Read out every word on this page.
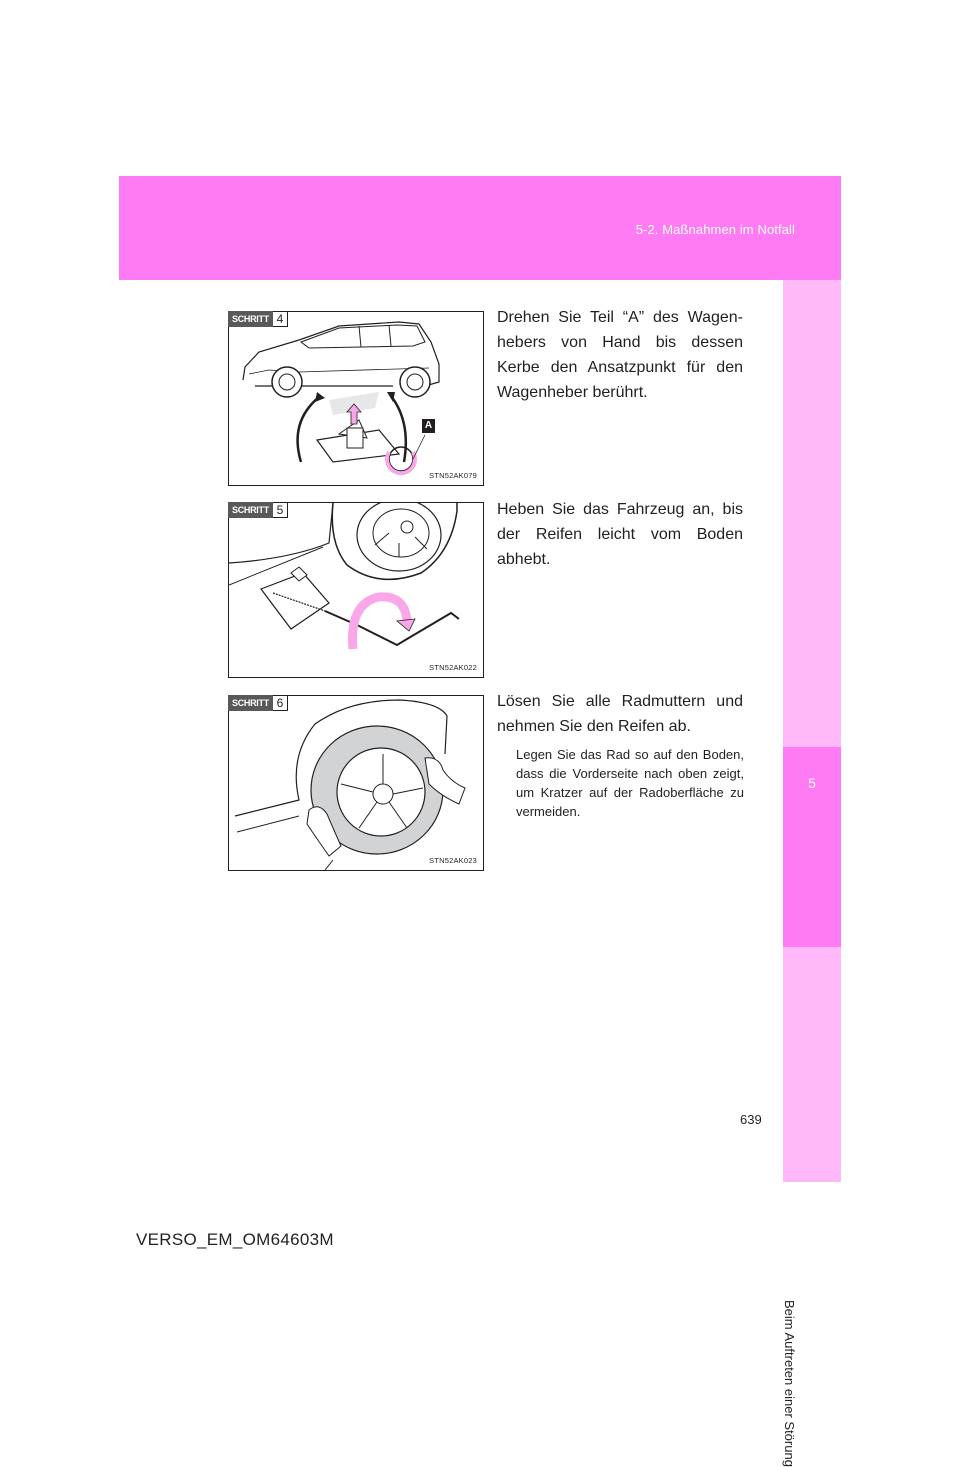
5-2. Maßnahmen im Notfall
5
Beim Auftreten einer Störung
A
SCHRITT 4
STN52AK079
Drehen Sie Teil “A” des Wagen-hebers von Hand bis dessen Kerbe den Ansatzpunkt für den Wagenheber berührt.
SCHRITT 5
STN52AK022
Heben Sie das Fahrzeug an, bis der Reifen leicht vom Boden abhebt.
SCHRITT 6
STN52AK023
Lösen Sie alle Radmuttern und nehmen Sie den Reifen ab.
Legen Sie das Rad so auf den Boden, dass die Vorderseite nach oben zeigt, um Kratzer auf der Radoberfläche zu vermeiden.
639
VERSO_EM_OM64603M
